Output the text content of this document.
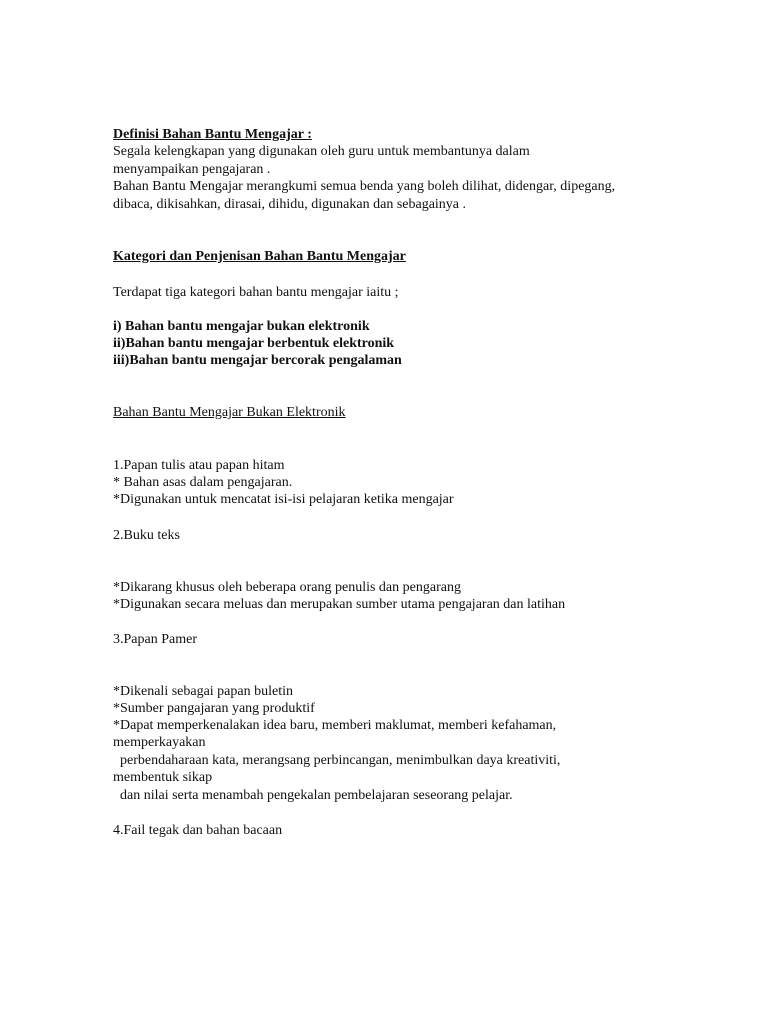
Definisi Bahan Bantu Mengajar :
Segala kelengkapan yang digunakan oleh guru untuk membantunya dalam
menyampaikan pengajaran .
Bahan Bantu Mengajar merangkumi semua benda yang boleh dilihat, didengar, dipegang,
dibaca, dikisahkan, dirasai, dihidu, digunakan dan sebagainya .
Kategori dan Penjenisan Bahan Bantu Mengajar
Terdapat tiga kategori bahan bantu mengajar iaitu ;
i) Bahan bantu mengajar bukan elektronik
ii)Bahan bantu mengajar berbentuk elektronik
iii)Bahan bantu mengajar bercorak pengalaman
Bahan Bantu Mengajar Bukan Elektronik
1.Papan tulis atau papan hitam
* Bahan asas dalam pengajaran.
*Digunakan untuk mencatat isi-isi pelajaran ketika mengajar
2.Buku teks
*Dikarang khusus oleh beberapa orang penulis dan pengarang
*Digunakan secara meluas dan merupakan sumber utama pengajaran dan latihan
3.Papan Pamer
*Dikenali sebagai papan buletin
*Sumber pangajaran yang produktif
*Dapat memperkenalakan idea baru, memberi maklumat, memberi kefahaman,
memperkayakan
perbendaharaan kata, merangsang perbincangan, menimbulkan daya kreativiti,
membentuk sikap
dan nilai serta menambah pengekalan pembelajaran seseorang pelajar.
4.Fail tegak dan bahan bacaan
